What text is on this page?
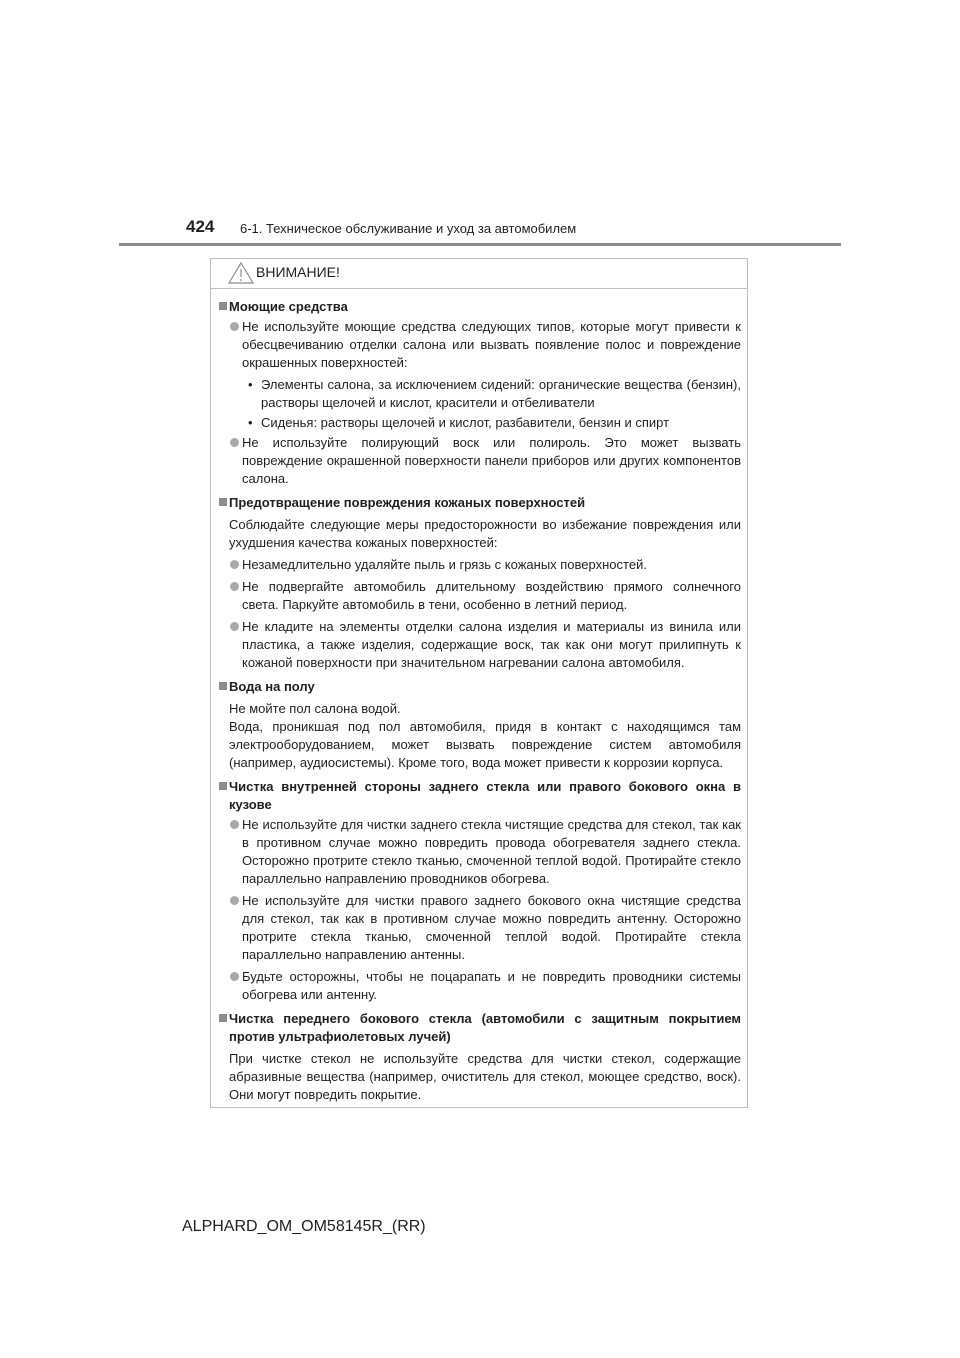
424 6-1. Техническое обслуживание и уход за автомобилем
ВНИМАНИЕ!
Моющие средства
Не используйте моющие средства следующих типов, которые могут привести к обесцвечиванию отделки салона или вызвать появление полос и повреждение окрашенных поверхностей:
• Элементы салона, за исключением сидений: органические вещества (бензин), растворы щелочей и кислот, красители и отбеливатели
• Сиденья: растворы щелочей и кислот, разбавители, бензин и спирт
Не используйте полирующий воск или полироль. Это может вызвать повреждение окрашенной поверхности панели приборов или других компонентов салона.
Предотвращение повреждения кожаных поверхностей
Соблюдайте следующие меры предосторожности во избежание повреждения или ухудшения качества кожаных поверхностей:
Незамедлительно удаляйте пыль и грязь с кожаных поверхностей.
Не подвергайте автомобиль длительному воздействию прямого солнечного света. Паркуйте автомобиль в тени, особенно в летний период.
Не кладите на элементы отделки салона изделия и материалы из винила или пластика, а также изделия, содержащие воск, так как они могут прилипнуть к кожаной поверхности при значительном нагревании салона автомобиля.
Вода на полу
Не мойте пол салона водой.
Вода, проникшая под пол автомобиля, придя в контакт с находящимся там электрооборудованием, может вызвать повреждение систем автомобиля (например, аудиосистемы). Кроме того, вода может привести к коррозии корпуса.
Чистка внутренней стороны заднего стекла или правого бокового окна в кузове
Не используйте для чистки заднего стекла чистящие средства для стекол, так как в противном случае можно повредить провода обогревателя заднего стекла. Осторожно протрите стекло тканью, смоченной теплой водой. Протирайте стекло параллельно направлению проводников обогрева.
Не используйте для чистки правого заднего бокового окна чистящие средства для стекол, так как в противном случае можно повредить антенну. Осторожно протрите стекла тканью, смоченной теплой водой. Протирайте стекла параллельно направлению антенны.
Будьте осторожны, чтобы не поцарапать и не повредить проводники системы обогрева или антенну.
Чистка переднего бокового стекла (автомобили с защитным покрытием против ультрафиолетовых лучей)
При чистке стекол не используйте средства для чистки стекол, содержащие абразивные вещества (например, очиститель для стекол, моющее средство, воск). Они могут повредить покрытие.
ALPHARD_OM_OM58145R_(RR)
